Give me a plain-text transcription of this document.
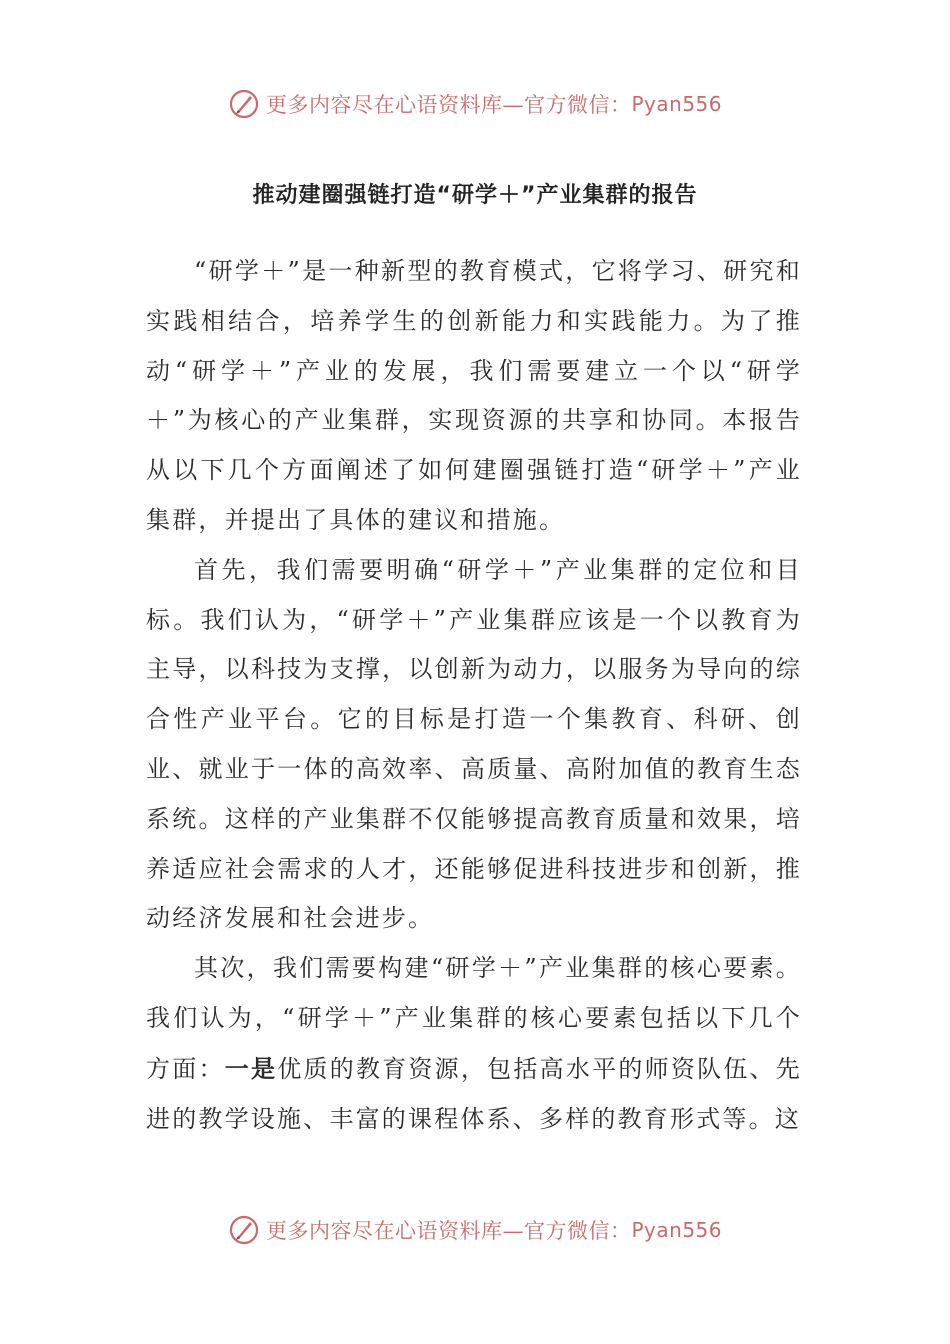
更多内容尽在心语资料库—官方微信： Pyan556
推动建圈强链打造“研学＋”产业集群的报告

“研学＋”是一种新型的教育模式，它将学习、研究和实践相结合，培养学生的创新能力和实践能力。为了推动“研学＋”产业的发展，我们需要建立一个以“研学＋”为核心的产业集群，实现资源的共享和协同。本报告从以下几个方面阐述了如何建圈强链打造“研学＋”产业集群，并提出了具体的建议和措施。

首先，我们需要明确“研学＋”产业集群的定位和目标。我们认为，“研学＋”产业集群应该是一个以教育为主导，以科技为支撑，以创新为动力，以服务为导向的综合性产业平台。它的目标是打造一个集教育、科研、创业、就业于一体的高效率、高质量、高附加值的教育生态系统。这样的产业集群不仅能够提高教育质量和效果，培养适应社会需求的人才，还能够促进科技进步和创新，推动经济发展和社会进步。

其次，我们需要构建“研学＋”产业集群的核心要素。我们认为，“研学＋”产业集群的核心要素包括以下几个方面：一是优质的教育资源，包括高水平的师资队伍、先进的教学设施、丰富的课程体系、多样的教育形式等。这

更多内容尽在心语资料库—官方微信： Pyan556
